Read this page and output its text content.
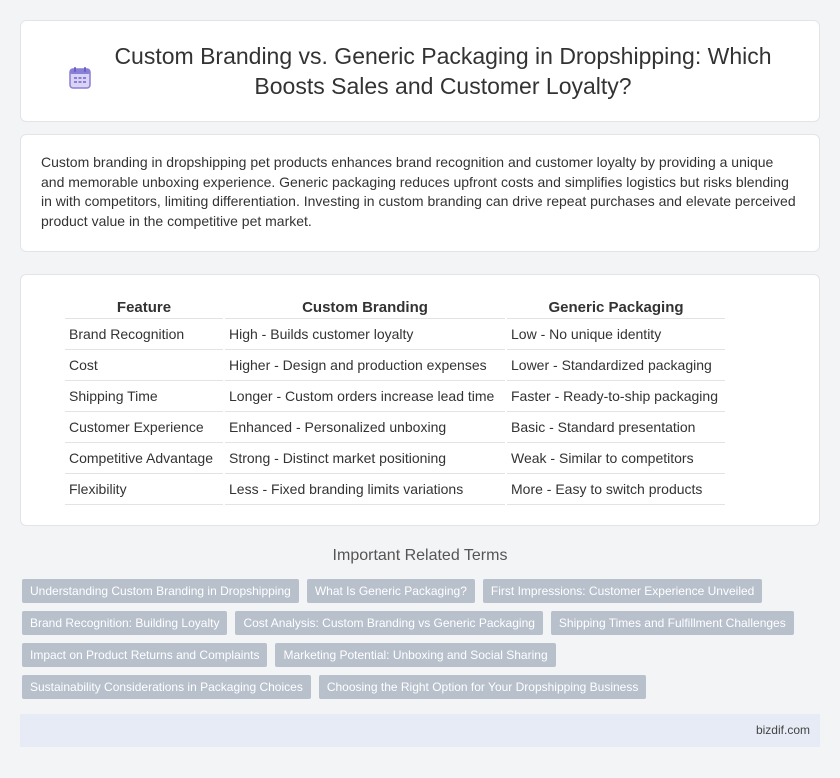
Custom Branding vs. Generic Packaging in Dropshipping: Which Boosts Sales and Customer Loyalty?

Custom branding in dropshipping pet products enhances brand recognition and customer loyalty by providing a unique and memorable unboxing experience. Generic packaging reduces upfront costs and simplifies logistics but risks blending in with competitors, limiting differentiation. Investing in custom branding can drive repeat purchases and elevate perceived product value in the competitive pet market.

Feature	Custom Branding	Generic Packaging
Brand Recognition	High - Builds customer loyalty	Low - No unique identity
Cost	Higher - Design and production expenses	Lower - Standardized packaging
Shipping Time	Longer - Custom orders increase lead time	Faster - Ready-to-ship packaging
Customer Experience	Enhanced - Personalized unboxing	Basic - Standard presentation
Competitive Advantage	Strong - Distinct market positioning	Weak - Similar to competitors
Flexibility	Less - Fixed branding limits variations	More - Easy to switch products
Important Related Terms
Understanding Custom Branding in Dropshipping	What Is Generic Packaging?	First Impressions: Customer Experience Unveiled
Brand Recognition: Building Loyalty	Cost Analysis: Custom Branding vs Generic Packaging	Shipping Times and Fulfillment Challenges
Impact on Product Returns and Complaints	Marketing Potential: Unboxing and Social Sharing
Sustainability Considerations in Packaging Choices	Choosing the Right Option for Your Dropshipping Business
bizdif.com
